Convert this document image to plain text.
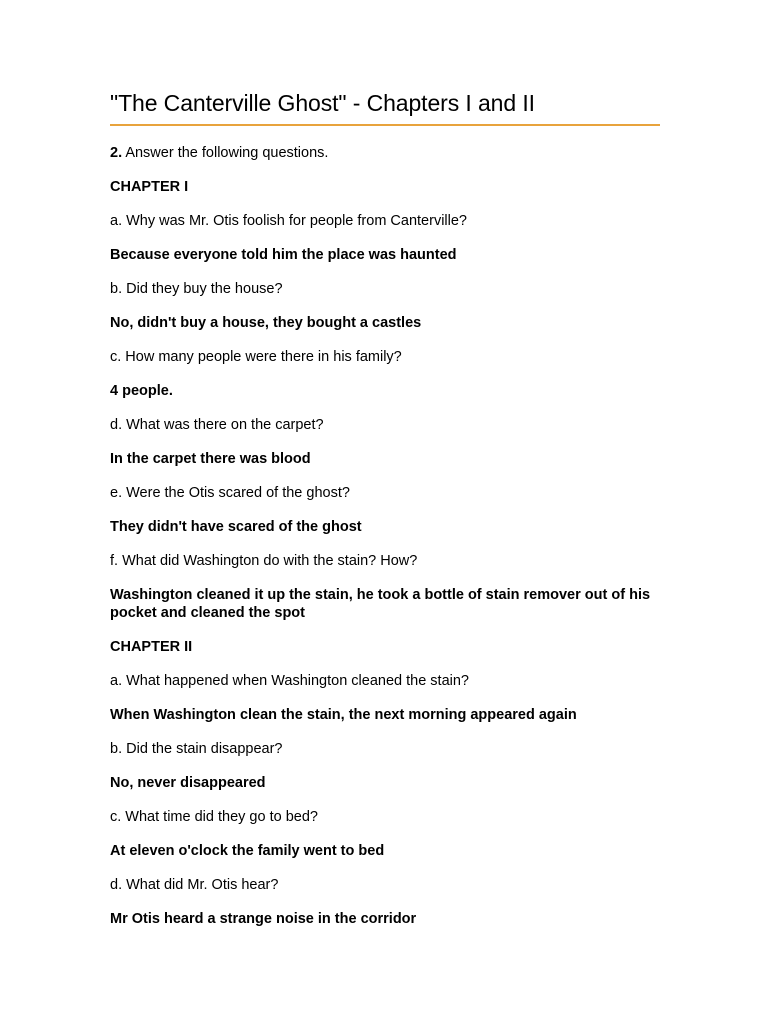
"The Canterville Ghost" - Chapters I and II

2. Answer the following questions.

CHAPTER I

a. Why was Mr. Otis foolish for people from Canterville?

Because everyone told him the place was haunted

b. Did they buy the house?

No, didn't buy a house, they bought a castles

c. How many people were there in his family?

4 people.

d. What was there on the carpet?

In the carpet there was blood

e. Were the Otis scared of the ghost?

They didn't have scared of the ghost

f. What did Washington do with the stain? How?

Washington cleaned it up the stain, he took a bottle of stain remover out of his pocket and cleaned the spot

CHAPTER II

a. What happened when Washington cleaned the stain?

When Washington clean the stain, the next morning appeared again

b. Did the stain disappear?

No, never disappeared

c. What time did they go to bed?

At eleven o'clock the family went to bed

d. What did Mr. Otis hear?

Mr Otis heard a strange noise in the corridor
